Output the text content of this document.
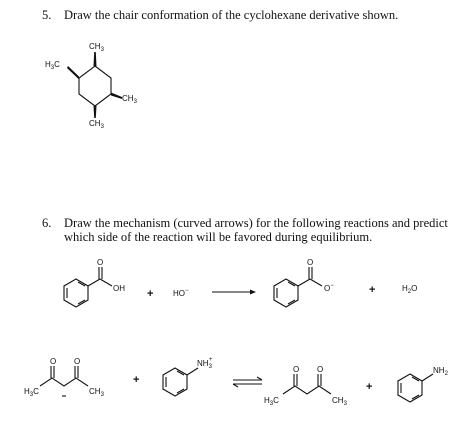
5. Draw the chair conformation of the cyclohexane derivative shown.
6. Draw the mechanism (curved arrows) for the following reactions and predict
which side of the reaction will be favored during equilibrium.
$CH_3$
$H_3C$
$CH_3$
$CH_3$
O
OH + HO−
O
O−	+	$H_2O$
O O
$H_3C$	$CH_3$
+
$NH_3+$
O O
$H_3C$	$CH_3$
+
$NH_2$
